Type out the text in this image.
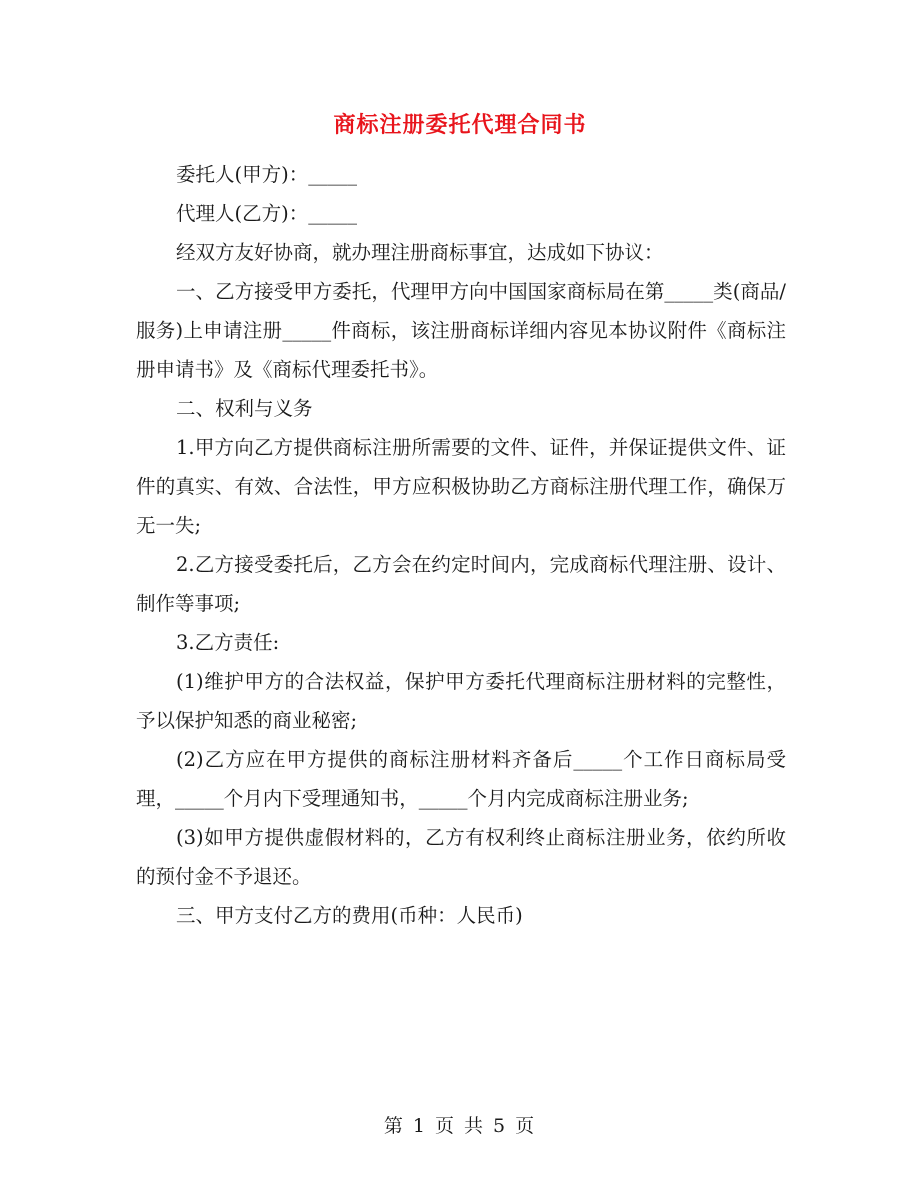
商标注册委托代理合同书

委托人(甲方)：_____

代理人(乙方)：_____

经双方友好协商，就办理注册商标事宜，达成如下协议：

一、乙方接受甲方委托，代理甲方向中国国家商标局在第_____类(商品/服务)上申请注册_____件商标，该注册商标详细内容见本协议附件《商标注册申请书》及《商标代理委托书》。

二、权利与义务

1.甲方向乙方提供商标注册所需要的文件、证件，并保证提供文件、证件的真实、有效、合法性，甲方应积极协助乙方商标注册代理工作，确保万无一失;

2.乙方接受委托后，乙方会在约定时间内，完成商标代理注册、设计、制作等事项;

3.乙方责任:

(1)维护甲方的合法权益，保护甲方委托代理商标注册材料的完整性，予以保护知悉的商业秘密;

(2)乙方应在甲方提供的商标注册材料齐备后_____个工作日商标局受理，_____个月内下受理通知书，_____个月内完成商标注册业务;

(3)如甲方提供虚假材料的，乙方有权利终止商标注册业务，依约所收的预付金不予退还。

三、甲方支付乙方的费用(币种：人民币)

第 1 页 共 5 页
